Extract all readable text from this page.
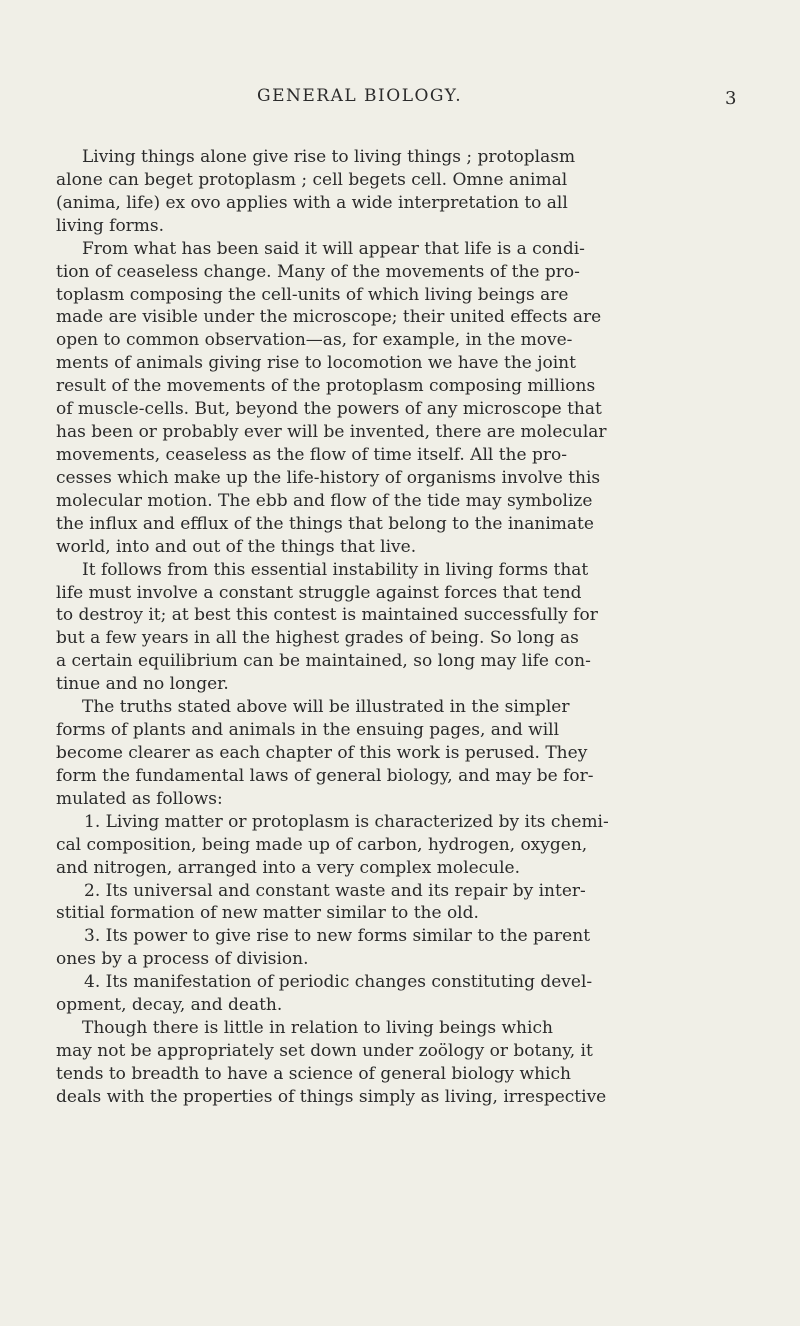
GENERAL BIOLOGY.	3
Living things alone give rise to living things ; protoplasm
alone can beget protoplasm ; cell begets cell. Omne animal
(anima, life) ex ovo applies with a wide interpretation to all
living forms.
From what has been said it will appear that life is a condi-
tion of ceaseless change. Many of the movements of the pro-
toplasm composing the cell-units of which living beings are
made are visible under the microscope; their united effects are
open to common observation—as, for example, in the move-
ments of animals giving rise to locomotion we have the joint
result of the movements of the protoplasm composing millions
of muscle-cells. But, beyond the powers of any microscope that
has been or probably ever will be invented, there are molecular
movements, ceaseless as the flow of time itself. All the pro-
cesses which make up the life-history of organisms involve this
molecular motion. The ebb and flow of the tide may symbolize
the influx and efflux of the things that belong to the inanimate
world, into and out of the things that live.
It follows from this essential instability in living forms that
life must involve a constant struggle against forces that tend
to destroy it; at best this contest is maintained successfully for
but a few years in all the highest grades of being. So long as
a certain equilibrium can be maintained, so long may life con-
tinue and no longer.
The truths stated above will be illustrated in the simpler
forms of plants and animals in the ensuing pages, and will
become clearer as each chapter of this work is perused. They
form the fundamental laws of general biology, and may be for-
mulated as follows:
1. Living matter or protoplasm is characterized by its chemi-
cal composition, being made up of carbon, hydrogen, oxygen,
and nitrogen, arranged into a very complex molecule.
2. Its universal and constant waste and its repair by inter-
stitial formation of new matter similar to the old.
3. Its power to give rise to new forms similar to the parent
ones by a process of division.
4. Its manifestation of periodic changes constituting devel-
opment, decay, and death.
Though there is little in relation to living beings which
may not be appropriately set down under zoölogy or botany, it
tends to breadth to have a science of general biology which
deals with the properties of things simply as living, irrespective
